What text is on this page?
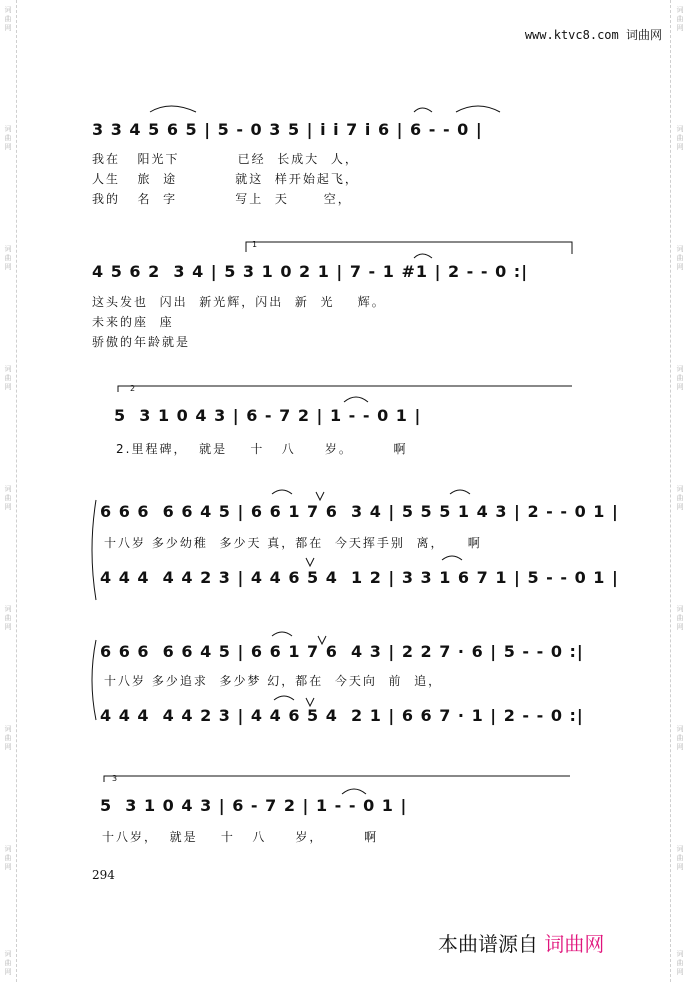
词曲网
词曲网
词曲网
词曲网
词曲网
词曲网
词曲网
词曲网
词曲网
词曲网
词曲网
词曲网
词曲网
词曲网
词曲网
词曲网
词曲网
词曲网
www.ktvc8.com 词曲网
1
2
3
3 3 4 5 6 5 | 5 - 0 3 5 | i i 7 i 6 | 6 - - 0 |
我在   阳光下          已经  长成大  人，
人生   旅  途          就这  样开始起飞，
我的   名  字          写上  天      空，
4 5 6 2  3 4 | 5 3 1 0 2 1 | 7 - 1 #1 | 2 - - 0 :|
这头发也  闪出  新光辉，闪出  新  光    辉。
未来的座  座
骄傲的年龄就是
5  3 1 0 4 3 | 6 - 7 2 | 1 - - 0 1 |
2.里程碑，  就是    十   八     岁。       啊
6 6 6  6 6 4 5 | 6 6 1 7 6  3 4 | 5 5 5 1 4 3 | 2 - - 0 1 |
十八岁 多少幼稚  多少天 真，都在  今天挥手别  离，    啊
4 4 4  4 4 2 3 | 4 4 6 5 4  1 2 | 3 3 1 6 7 1 | 5 - - 0 1 |
6 6 6  6 6 4 5 | 6 6 1 7 6  4 3 | 2 2 7 · 6 | 5 - - 0 :|
十八岁 多少追求  多少梦 幻，都在  今天向  前  追，
4 4 4  4 4 2 3 | 4 4 6 5 4  2 1 | 6 6 7 · 1 | 2 - - 0 :|
5  3 1 0 4 3 | 6 - 7 2 | 1 - - 0 1 |
十八岁，  就是    十   八     岁，       啊
294
本曲谱源自 词曲网
